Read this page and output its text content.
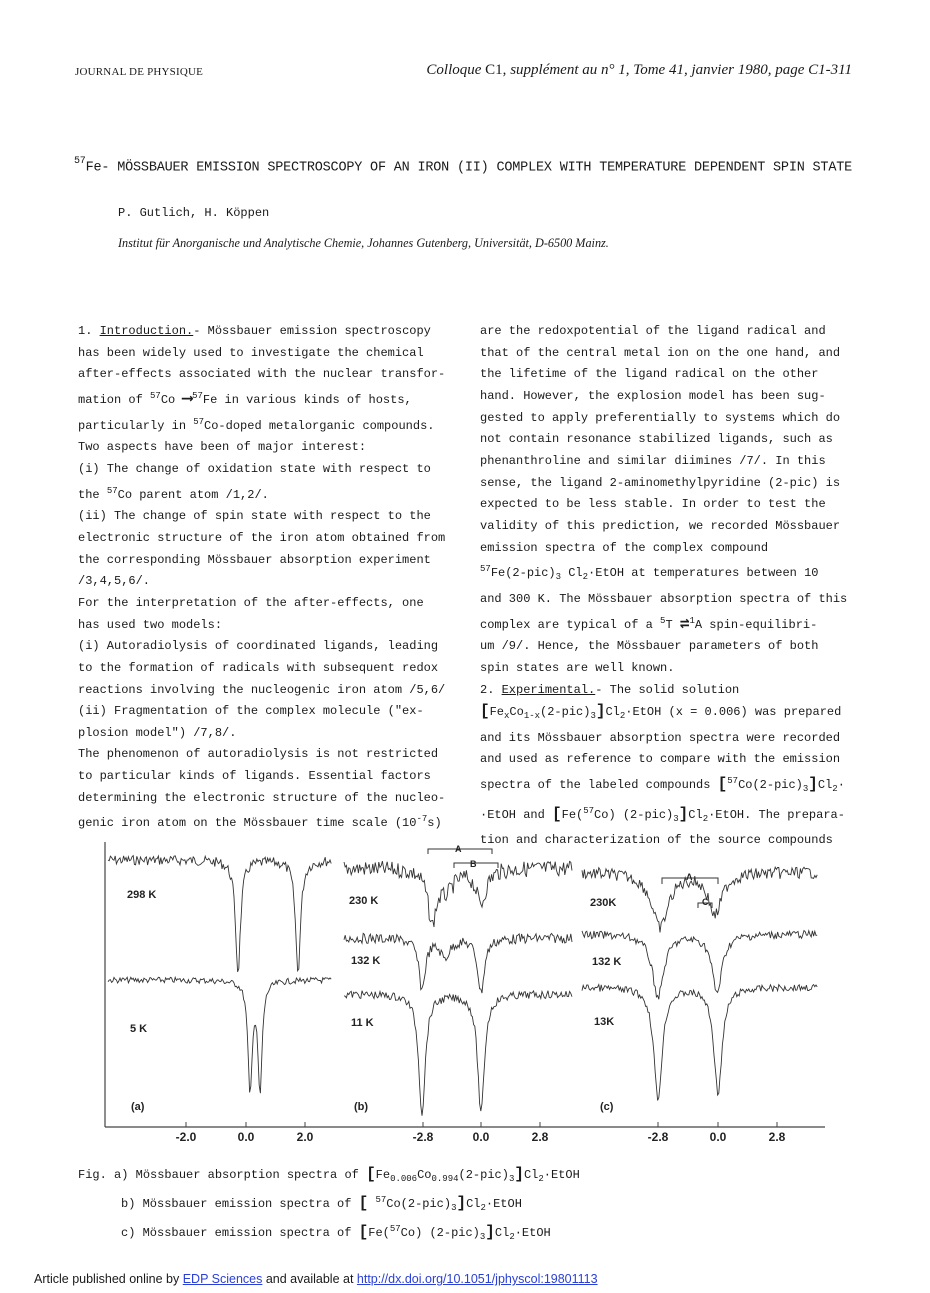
JOURNAL DE PHYSIQUE	Colloque C1, supplément au n° 1, Tome 41, janvier 1980, page C1-311
$^{57}$Fe- MÖSSBAUER EMISSION SPECTROSCOPY OF AN IRON (II) COMPLEX WITH TEMPERATURE DEPENDENT SPIN STATE
P. Gutlich, H. Köppen
Institut für Anorganische und Analytische Chemie, Johannes Gutenberg, Universität, D-6500 Mainz.

1. Introduction.- Mössbauer emission spectroscopy

has been widely used to investigate the chemical

after-effects associated with the nuclear transfor-

mation of $^{57}$Co ⟶$^{57}$Fe in various kinds of hosts,

particularly in $^{57}$Co-doped metalorganic compounds.

Two aspects have been of major interest:

(i) The change of oxidation state with respect to

the $^{57}$Co parent atom /1,2/.

(ii) The change of spin state with respect to the

electronic structure of the iron atom obtained from

the corresponding Mössbauer absorption experiment

/3,4,5,6/.

For the interpretation of the after-effects, one

has used two models:

(i) Autoradiolysis of coordinated ligands, leading

to the formation of radicals with subsequent redox

reactions involving the nucleogenic iron atom /5,6/

(ii) Fragmentation of the complex molecule ("ex-

plosion model") /7,8/.

The phenomenon of autoradiolysis is not restricted

to particular kinds of ligands. Essential factors

determining the electronic structure of the nucleo-

genic iron atom on the Mössbauer time scale $(10^{-7}s)$

are the redoxpotential of the ligand radical and

that of the central metal ion on the one hand, and

the lifetime of the ligand radical on the other

hand. However, the explosion model has been sug-

gested to apply preferentially to systems which do

not contain resonance stabilized ligands, such as

phenanthroline and similar diimines /7/. In this

sense, the ligand 2-aminomethylpyridine (2-pic) is

expected to be less stable. In order to test the

validity of this prediction, we recorded Mössbauer

emission spectra of the complex compound

$^{57}Fe(2-pic)_3$ $Cl_2\cdot EtOH$ at temperatures between 10

and 300 K. The Mössbauer absorption spectra of this

complex are typical of a $^5$T ⇌$^1$A spin-equilibri-

um /9/. Hence, the Mössbauer parameters of both

spin states are well known.

2. Experimental.- The solid solution

$[Fe_xCo_{1-x}(2-pic)_3]Cl_2\cdot EtOH$ (x = 0.006) was prepared

and its Mössbauer absorption spectra were recorded

and used as reference to compare with the emission

spectra of the labeled compounds $[^{57}Co(2-pic)_3]Cl_2\cdot$

·EtOH and [Fe($^{57}$Co) $(2-pic)_3]Cl_2\cdot EtOH$. The prepara-

tion and characterization of the source compounds

-2.0	0.0	2.0	-2.8	0.0	2.8	-2.8	0.0	2.8
298 K
5 K
230 K
132 K
11 K
230K
132 K
13K
(a)	(b)	(c)
A
B
A
C
Fig. a) Mössbauer absorption spectra of $[Fe_{0.006}Co_{0.994}(2-pic)_3]Cl_2\cdot EtOH$
b) Mössbauer emission spectra of [ $^{57}Co(2-pic)_3]Cl_2\cdot EtOH$
c) Mössbauer emission spectra of [Fe($^{57}$Co) $(2-pic)_3]Cl_2\cdot EtOH$
Article published online by EDP Sciences and available at http://dx.doi.org/10.1051/jphyscol:19801113
